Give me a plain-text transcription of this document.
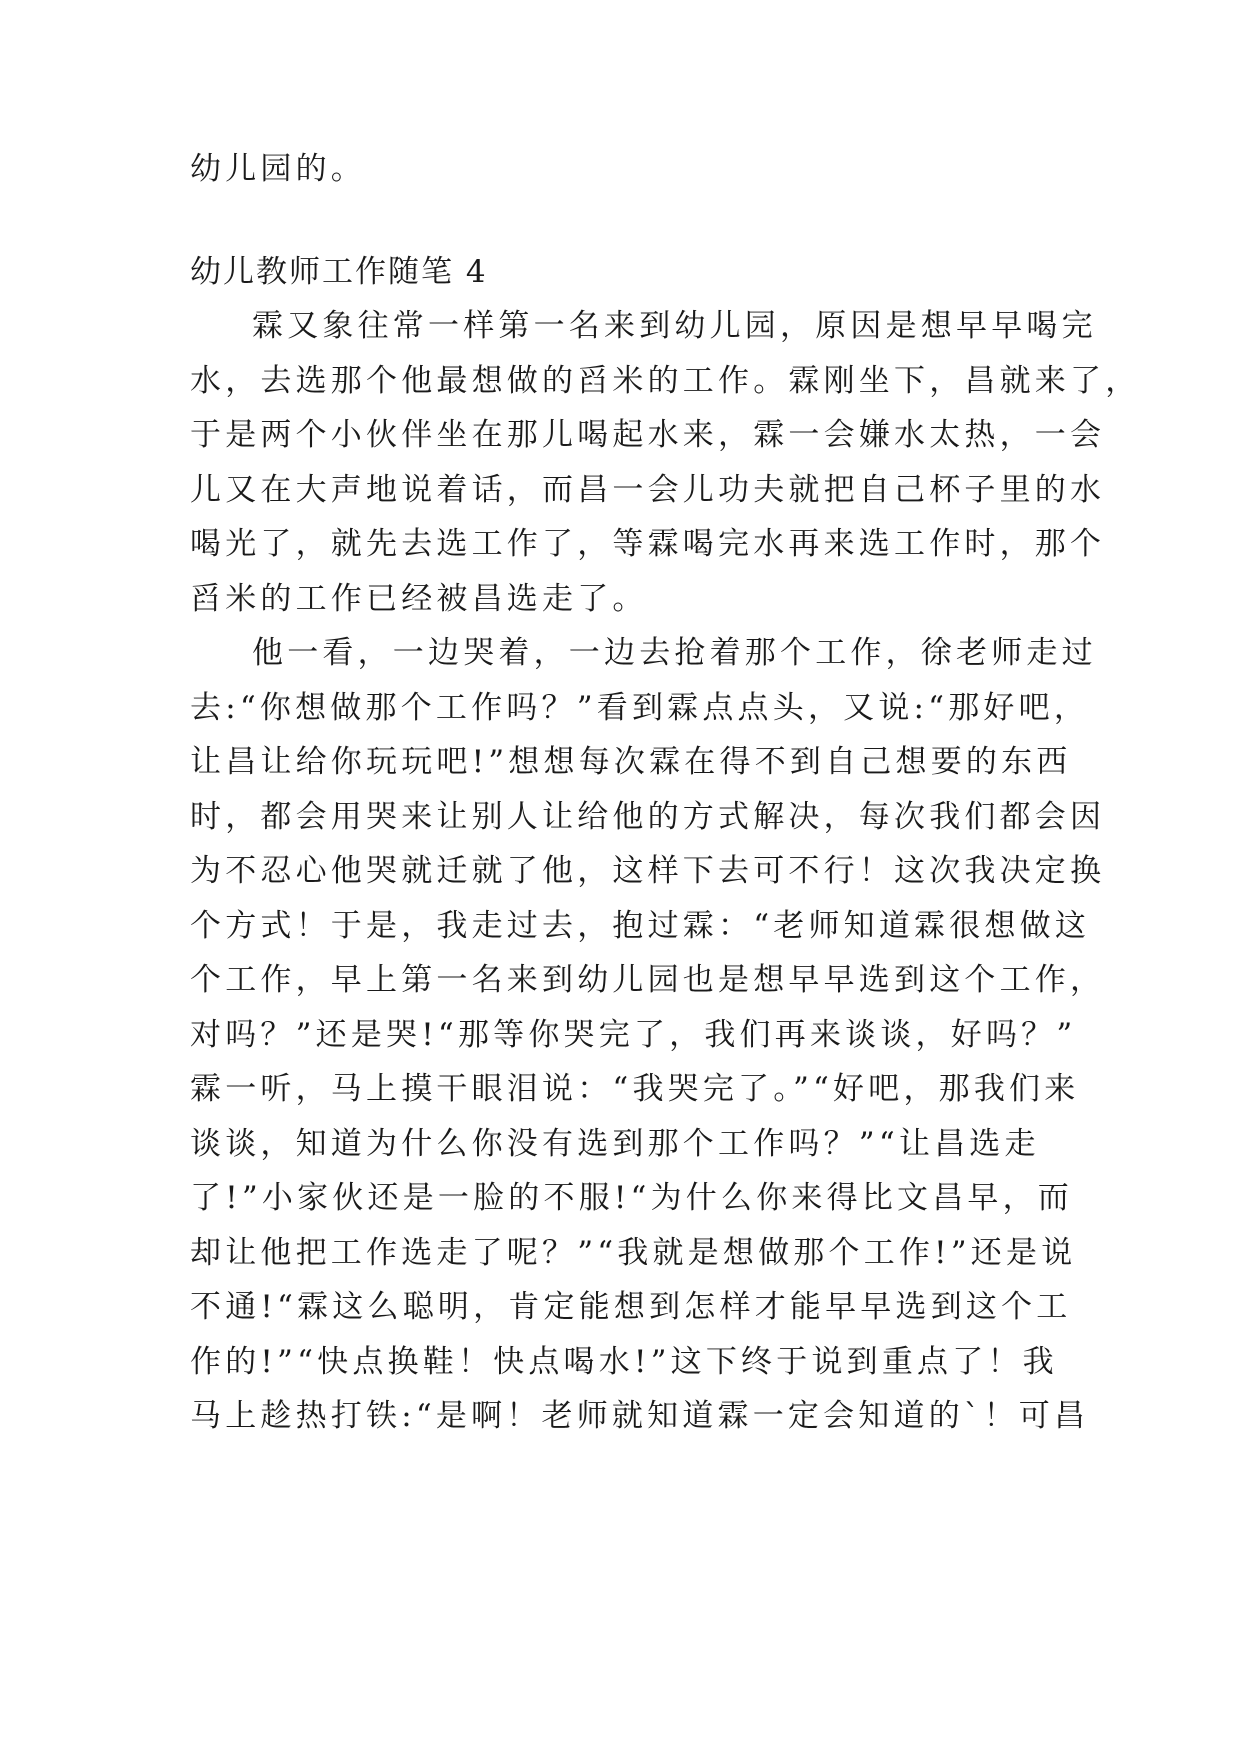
幼儿园的。
幼儿教师工作随笔 4
霖又象往常一样第一名来到幼儿园，原因是想早早喝完
水，去选那个他最想做的舀米的工作。霖刚坐下，昌就来了，
于是两个小伙伴坐在那儿喝起水来，霖一会嫌水太热，一会
儿又在大声地说着话，而昌一会儿功夫就把自己杯子里的水
喝光了，就先去选工作了，等霖喝完水再来选工作时，那个
舀米的工作已经被昌选走了。
他一看，一边哭着，一边去抢着那个工作，徐老师走过
去:“你想做那个工作吗？”看到霖点点头，又说:“那好吧，
让昌让给你玩玩吧!”想想每次霖在得不到自己想要的东西
时，都会用哭来让别人让给他的方式解决，每次我们都会因
为不忍心他哭就迁就了他，这样下去可不行！这次我决定换
个方式！于是，我走过去，抱过霖：“老师知道霖很想做这
个工作，早上第一名来到幼儿园也是想早早选到这个工作，
对吗？”还是哭!“那等你哭完了，我们再来谈谈，好吗？”
霖一听，马上摸干眼泪说：“我哭完了。”“好吧，那我们来
谈谈，知道为什么你没有选到那个工作吗？”“让昌选走
了!”小家伙还是一脸的不服!“为什么你来得比文昌早，而
却让他把工作选走了呢？”“我就是想做那个工作!”还是说
不通!“霖这么聪明，肯定能想到怎样才能早早选到这个工
作的!”“快点换鞋！快点喝水!”这下终于说到重点了！我
马上趁热打铁:“是啊！老师就知道霖一定会知道的`！可昌
